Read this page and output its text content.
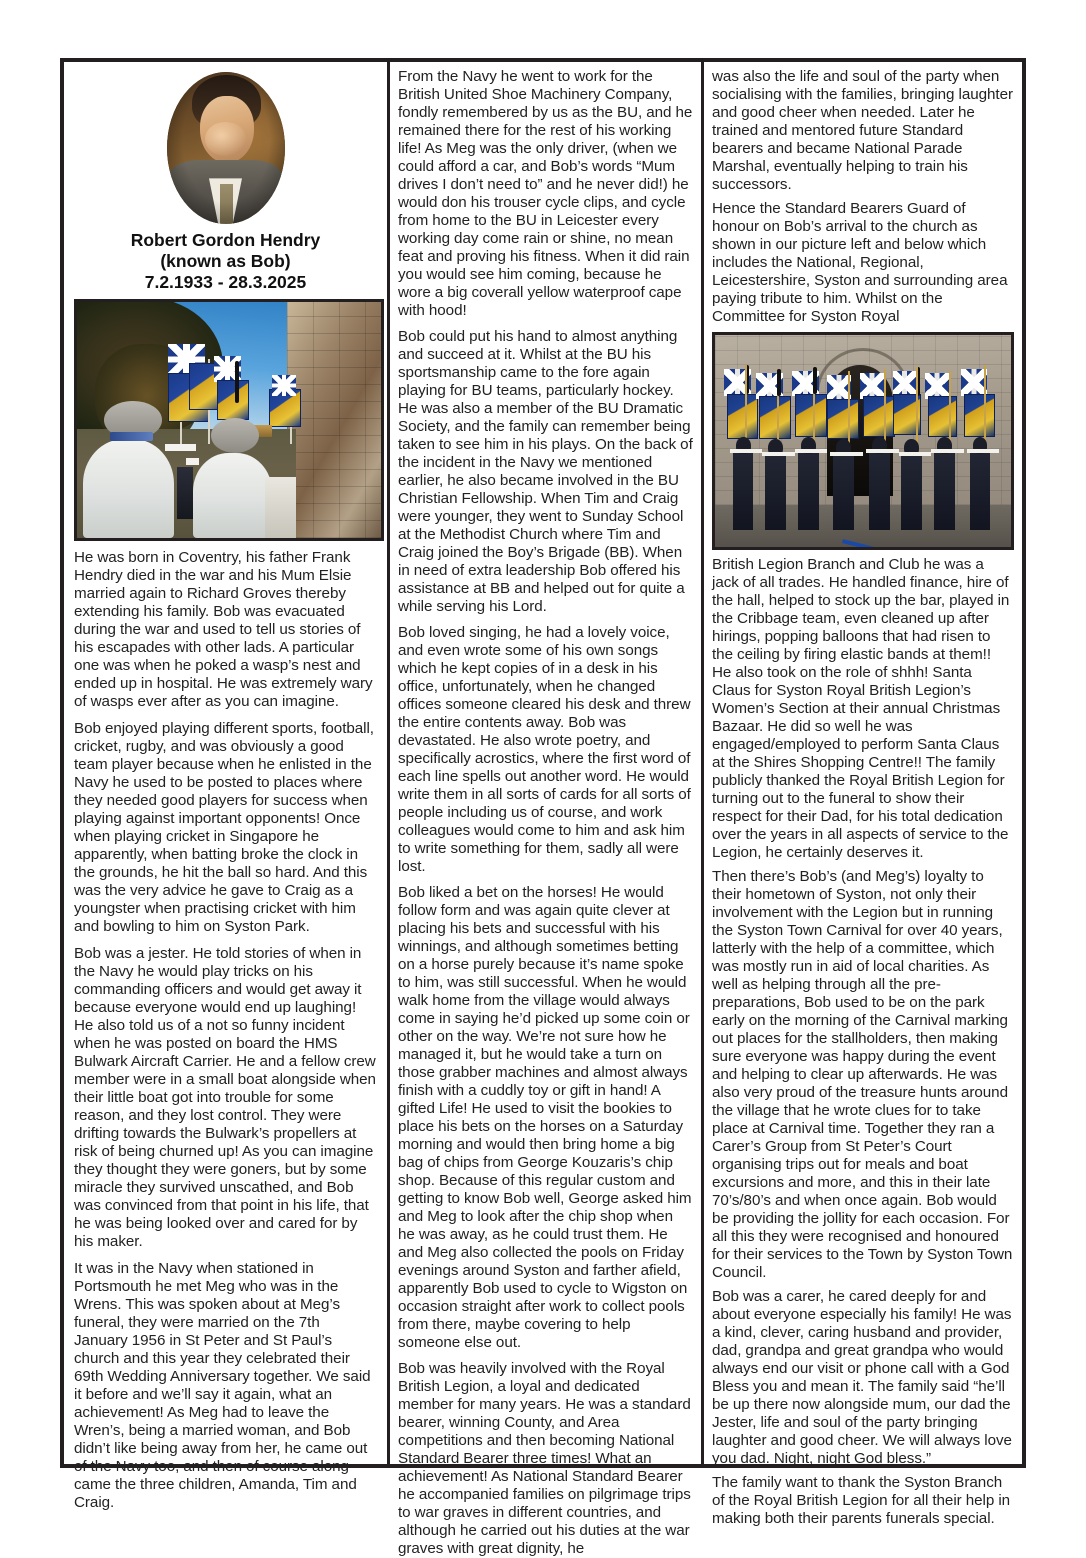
Robert Gordon Hendry
(known as Bob)
7.2.1933 - 28.3.2025

He was born in Coventry, his father Frank Hendry died in the war and his Mum Elsie married again to Richard Groves thereby extending his family. Bob was evacuated during the war and used to tell us stories of his escapades with other lads. A particular one was when he poked a wasp’s nest and ended up in hospital. He was extremely wary of wasps ever after as you can imagine.

Bob enjoyed playing different sports, football, cricket, rugby, and was obviously a good team player because when he enlisted in the Navy he used to be posted to places where they needed good players for success when playing against important opponents! Once when playing cricket in Singapore he apparently, when batting broke the clock in the grounds, he hit the ball so hard. And this was the very advice he gave to Craig as a youngster when practising cricket with him and bowling to him on Syston Park.

Bob was a jester. He told stories of when in the Navy he would play tricks on his commanding officers and would get away it because everyone would end up laughing! He also told us of a not so funny incident when he was posted on board the HMS Bulwark Aircraft Carrier. He and a fellow crew member were in a small boat alongside when their little boat got into trouble for some reason, and they lost control. They were drifting towards the Bulwark’s propellers at risk of being churned up! As you can imagine they thought they were goners, but by some miracle they survived unscathed, and Bob was convinced from that point in his life, that he was being looked over and cared for by his maker.

It was in the Navy when stationed in Portsmouth he met Meg who was in the Wrens. This was spoken about at Meg’s funeral, they were married on the 7th January 1956 in St Peter and St Paul’s church and this year they celebrated their 69th Wedding Anniversary together. We said it before and we’ll say it again, what an achievement! As Meg had to leave the Wren’s, being a married woman, and Bob didn’t like being away from her, he came out of the Navy too, and then of course along came the three children, Amanda, Tim and Craig.

From the Navy he went to work for the British United Shoe Machinery Company, fondly remembered by us as the BU, and he remained there for the rest of his working life! As Meg was the only driver, (when we could afford a car, and Bob’s words “Mum drives I don’t need to” and he never did!) he would don his trouser cycle clips, and cycle from home to the BU in Leicester every working day come rain or shine, no mean feat and proving his fitness. When it did rain you would see him coming, because he wore a big coverall yellow waterproof cape with hood!

Bob could put his hand to almost anything and succeed at it. Whilst at the BU his sportsmanship came to the fore again playing for BU teams, particularly hockey. He was also a member of the BU Dramatic Society, and the family can remember being taken to see him in his plays. On the back of the incident in the Navy we mentioned earlier, he also became involved in the BU Christian Fellowship. When Tim and Craig were younger, they went to Sunday School at the Methodist Church where Tim and Craig joined the Boy’s Brigade (BB). When in need of extra leadership Bob offered his assistance at BB and helped out for quite a while serving his Lord.

Bob loved singing, he had a lovely voice, and even wrote some of his own songs which he kept copies of in a desk in his office, unfortunately, when he changed offices someone cleared his desk and threw the entire contents away. Bob was devastated. He also wrote poetry, and specifically acrostics, where the first word of each line spells out another word. He would write them in all sorts of cards for all sorts of people including us of course, and work colleagues would come to him and ask him to write something for them, sadly all were lost.

Bob liked a bet on the horses! He would follow form and was again quite clever at placing his bets and successful with his winnings, and although sometimes betting on a horse purely because it’s name spoke to him, was still successful. When he would walk home from the village would always come in saying he’d picked up some coin or other on the way. We’re not sure how he managed it, but he would take a turn on those grabber machines and almost always finish with a cuddly toy or gift in hand! A gifted Life! He used to visit the bookies to place his bets on the horses on a Saturday morning and would then bring home a big bag of chips from George Kouzaris’s chip shop. Because of this regular custom and getting to know Bob well, George asked him and Meg to look after the chip shop when he was away, as he could trust them. He and Meg also collected the pools on Friday evenings around Syston and farther afield, apparently Bob used to cycle to Wigston on occasion straight after work to collect pools from there, maybe covering to help someone else out.

Bob was heavily involved with the Royal British Legion, a loyal and dedicated member for many years. He was a standard bearer, winning County, and Area competitions and then becoming National Standard Bearer three times! What an achievement! As National Standard Bearer he accompanied families on pilgrimage trips to war graves in different countries, and although he carried out his duties at the war graves with great dignity, he

was also the life and soul of the party when socialising with the families, bringing laughter and good cheer when needed. Later he trained and mentored future Standard bearers and became National Parade Marshal, eventually helping to train his successors.

Hence the Standard Bearers Guard of honour on Bob’s arrival to the church as shown in our picture left and below which includes the National, Regional, Leicestershire, Syston and surrounding area paying tribute to him. Whilst on the Committee for Syston Royal

British Legion Branch and Club he was a jack of all trades. He handled finance, hire of the hall, helped to stock up the bar, played in the Cribbage team, even cleaned up after hirings, popping balloons that had risen to the ceiling by firing elastic bands at them!! He also took on the role of shhh! Santa Claus for Syston Royal British Legion’s Women’s Section at their annual Christmas Bazaar. He did so well he was engaged/employed to perform Santa Claus at the Shires Shopping Centre!! The family publicly thanked the Royal British Legion for turning out to the funeral to show their respect for their Dad, for his total dedication over the years in all aspects of service to the Legion, he certainly deserves it.

Then there’s Bob’s (and Meg’s) loyalty to their hometown of Syston, not only their involvement with the Legion but in running the Syston Town Carnival for over 40 years, latterly with the help of a committee, which was mostly run in aid of local charities. As well as helping through all the pre-preparations, Bob used to be on the park early on the morning of the Carnival marking out places for the stallholders, then making sure everyone was happy during the event and helping to clear up afterwards. He was also very proud of the treasure hunts around the village that he wrote clues for to take place at Carnival time. Together they ran a Carer’s Group from St Peter’s Court organising trips out for meals and boat excursions and more, and this in their late 70’s/80’s and when once again. Bob would be providing the jollity for each occasion. For all this they were recognised and honoured for their services to the Town by Syston Town Council.

Bob was a carer, he cared deeply for and about everyone especially his family! He was a kind, clever, caring husband and provider, dad, grandpa and great grandpa who would always end our visit or phone call with a God Bless you and mean it. The family said “he’ll be up there now alongside mum, our dad the Jester, life and soul of the party bringing laughter and good cheer. We will always love you dad. Night, night God bless.”

The family want to thank the Syston Branch of the Royal British Legion for all their help in making both their parents funerals special.
